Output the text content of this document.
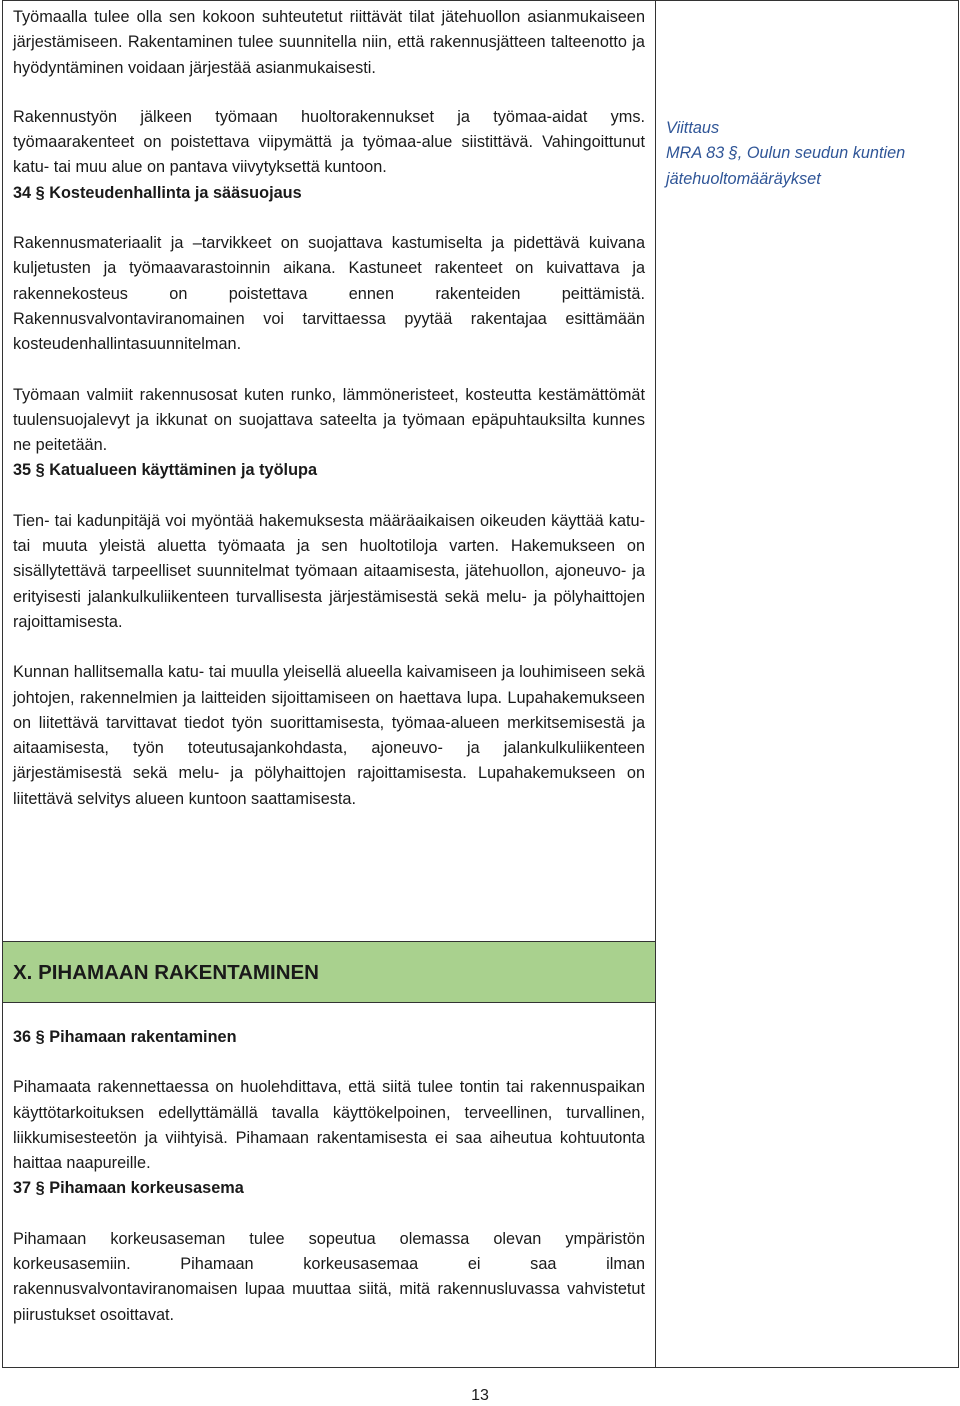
Työmaalla tulee olla sen kokoon suhteutetut riittävät tilat jätehuollon asianmukaiseen järjestämiseen. Rakentaminen tulee suunnitella niin, että rakennusjätteen talteenotto ja hyödyntäminen voidaan järjestää asianmukaisesti.

Rakennustyön jälkeen työmaan huoltorakennukset ja työmaa-aidat yms. työmaarakenteet on poistettava viipymättä ja työmaa-alue siistittävä. Vahingoittunut katu- tai muu alue on pantava viivytyksettä kuntoon.

34 § Kosteudenhallinta ja sääsuojaus

Rakennusmateriaalit ja –tarvikkeet on suojattava kastumiselta ja pidettävä kuivana kuljetusten ja työmaavarastoinnin aikana. Kastuneet rakenteet on kuivattava ja rakennekosteus on poistettava ennen rakenteiden peittämistä. Rakennusvalvontaviranomainen voi tarvittaessa pyytää rakentajaa esittämään kosteudenhallintasuunnitelman.

Työmaan valmiit rakennusosat kuten runko, lämmöneristeet, kosteutta kestämättömät tuulensuojalevyt ja ikkunat on suojattava sateelta ja työmaan epäpuhtauksilta kunnes ne peitetään.

35 § Katualueen käyttäminen ja työlupa

Tien- tai kadunpitäjä voi myöntää hakemuksesta määräaikaisen oikeuden käyttää katu- tai muuta yleistä aluetta työmaata ja sen huoltotiloja varten. Hakemukseen on sisällytettävä tarpeelliset suunnitelmat työmaan aitaamisesta, jätehuollon, ajoneuvo- ja erityisesti jalankulkuliikenteen turvallisesta järjestämisestä sekä melu- ja pölyhaittojen rajoittamisesta.

Kunnan hallitsemalla katu- tai muulla yleisellä alueella kaivamiseen ja louhimiseen sekä johtojen, rakennelmien ja laitteiden sijoittamiseen on haettava lupa. Lupahakemukseen on liitettävä tarvittavat tiedot työn suorittamisesta, työmaa-alueen merkitsemisestä ja aitaamisesta, työn toteutusajankohdasta, ajoneuvo- ja jalankulkuliikenteen järjestämisestä sekä melu- ja pölyhaittojen rajoittamisesta. Lupahakemukseen on liitettävä selvitys alueen kuntoon saattamisesta.

Viittaus

MRA 83 §, Oulun seudun kuntien

jätehuoltomääräykset

X. PIHAMAAN RAKENTAMINEN

36 § Pihamaan rakentaminen

Pihamaata rakennettaessa on huolehdittava, että siitä tulee tontin tai rakennuspaikan käyttötarkoituksen edellyttämällä tavalla käyttökelpoinen, terveellinen, turvallinen, liikkumisesteetön ja viihtyisä. Pihamaan rakentamisesta ei saa aiheutua kohtuutonta haittaa naapureille.

37 § Pihamaan korkeusasema

Pihamaan korkeusaseman tulee sopeutua olemassa olevan ympäristön korkeusasemiin. Pihamaan korkeusasemaa ei saa ilman rakennusvalvontaviranomaisen lupaa muuttaa siitä, mitä rakennusluvassa vahvistetut piirustukset osoittavat.

13
